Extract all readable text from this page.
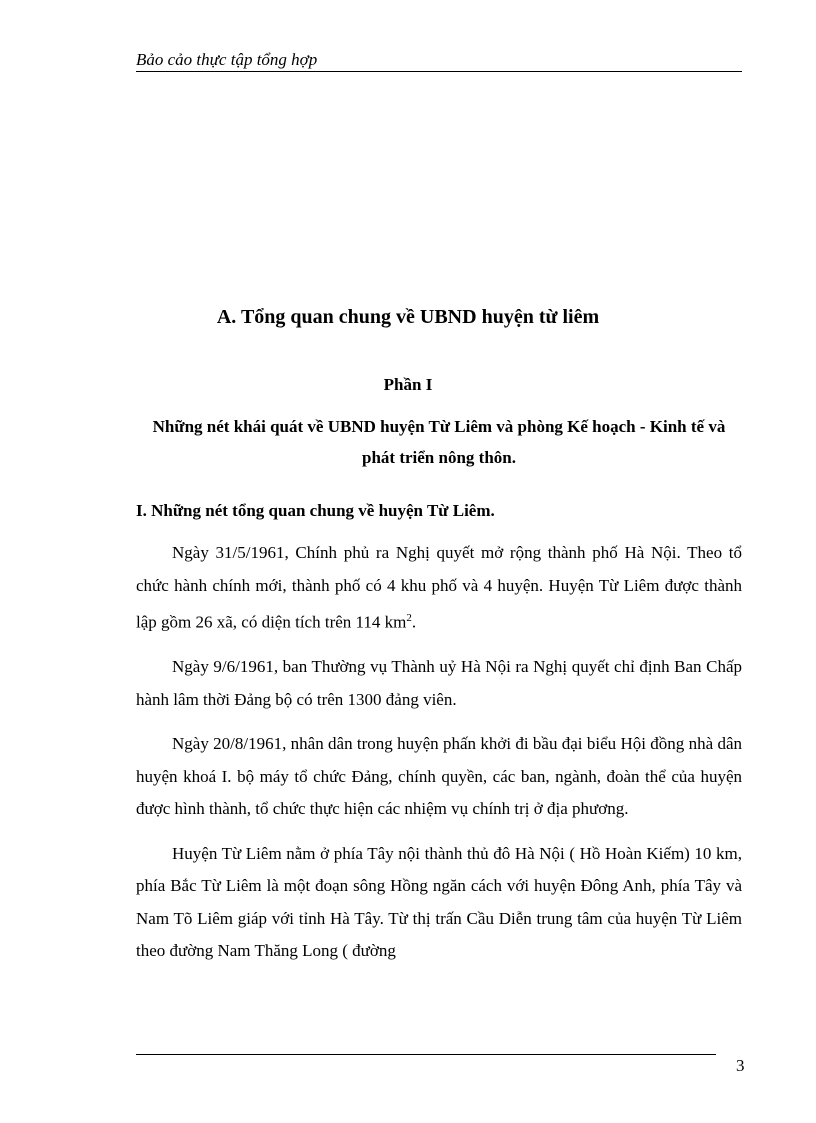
Bảo cảo thực tập tổng hợp
A. Tổng quan chung về UBND huyện từ liêm
Phần I
Những nét khái quát về UBND huyện Từ Liêm và phòng Kế hoạch - Kinh tế và phát triển nông thôn.
I. Những nét tổng quan chung về huyện Từ Liêm.

Ngày 31/5/1961, Chính phủ ra Nghị quyết mở rộng thành phố Hà Nội. Theo tổ chức hành chính mới, thành phố có 4 khu phố và 4 huyện. Huyện Từ Liêm được thành lập gồm 26 xã, có diện tích trên 114 $km^2$.

Ngày 9/6/1961, ban Thường vụ Thành uỷ Hà Nội ra Nghị quyết chỉ định Ban Chấp hành lâm thời Đảng bộ có trên 1300 đảng viên.

Ngày 20/8/1961, nhân dân trong huyện phấn khởi đi bầu đại biểu Hội đồng nhà dân huyện khoá I. bộ máy tổ chức Đảng, chính quyền, các ban, ngành, đoàn thể của huyện được hình thành, tổ chức thực hiện các nhiệm vụ chính trị ở địa phương.

Huyện Từ Liêm nằm ở phía Tây nội thành thủ đô Hà Nội ( Hồ Hoàn Kiếm) 10 km, phía Bắc Từ Liêm là một đoạn sông Hồng ngăn cách với huyện Đông Anh, phía Tây và Nam Tõ Liêm giáp với tỉnh Hà Tây. Từ thị trấn Cầu Diễn trung tâm của huyện Từ Liêm theo đường Nam Thăng Long ( đường

3
